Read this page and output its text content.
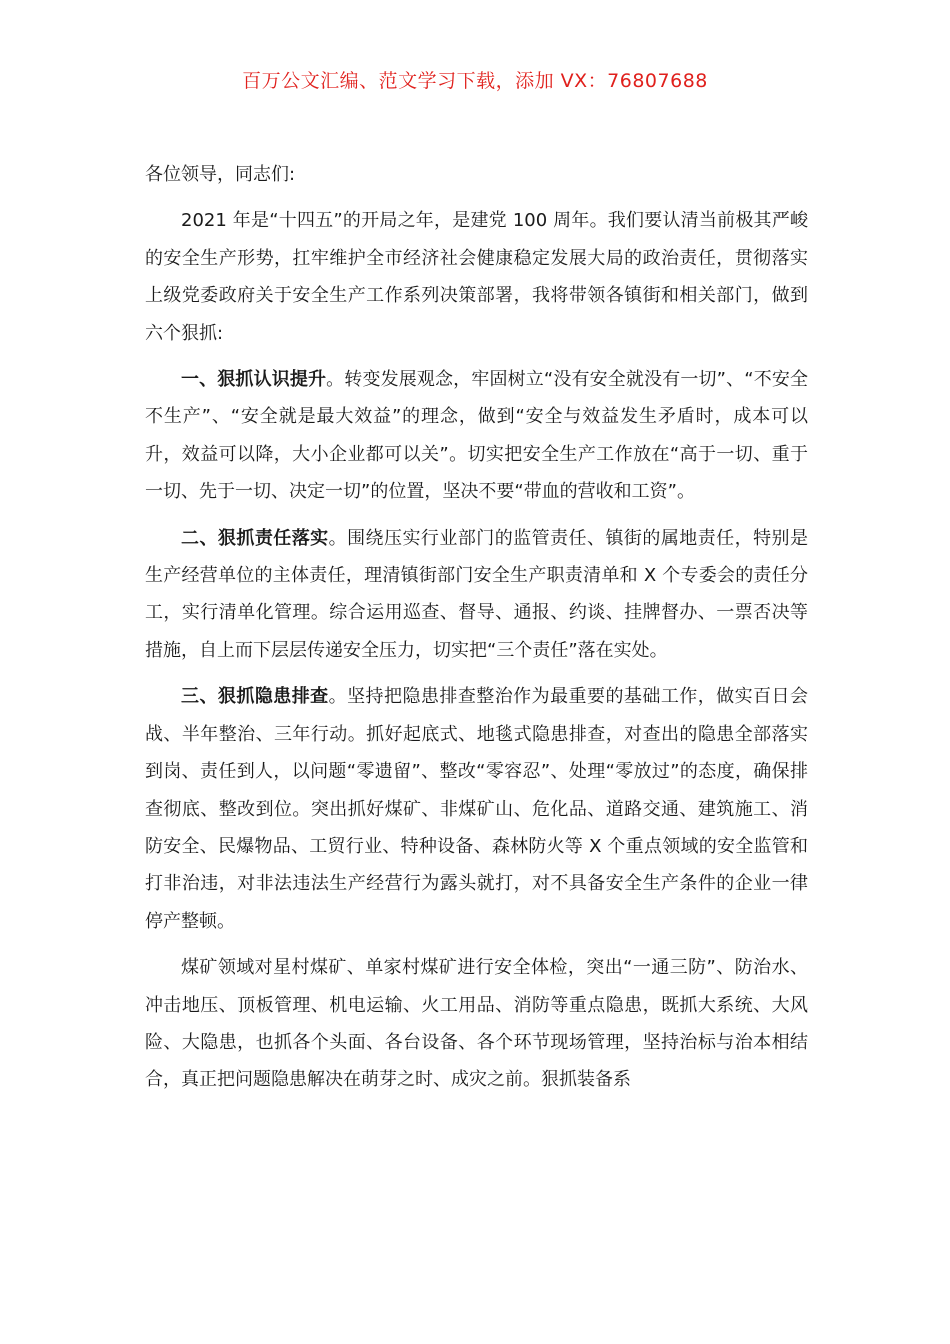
百万公文汇编、范文学习下载，添加 VX：76807688

各位领导，同志们:

2021 年是“十四五”的开局之年，是建党 100 周年。我们要认清当前极其严峻的安全生产形势，扛牢维护全市经济社会健康稳定发展大局的政治责任，贯彻落实上级党委政府关于安全生产工作系列决策部署，我将带领各镇街和相关部门，做到六个狠抓:

一、狠抓认识提升。转变发展观念，牢固树立“没有安全就没有一切”、“不安全不生产”、“安全就是最大效益”的理念，做到“安全与效益发生矛盾时，成本可以升，效益可以降，大小企业都可以关”。切实把安全生产工作放在“高于一切、重于一切、先于一切、决定一切”的位置，坚决不要“带血的营收和工资”。

二、狠抓责任落实。围绕压实行业部门的监管责任、镇街的属地责任，特别是生产经营单位的主体责任，理清镇街部门安全生产职责清单和 X 个专委会的责任分工，实行清单化管理。综合运用巡查、督导、通报、约谈、挂牌督办、一票否决等措施，自上而下层层传递安全压力，切实把“三个责任”落在实处。

三、狠抓隐患排查。坚持把隐患排查整治作为最重要的基础工作，做实百日会战、半年整治、三年行动。抓好起底式、地毯式隐患排查，对查出的隐患全部落实到岗、责任到人，以问题“零遗留”、整改“零容忍”、处理“零放过”的态度，确保排查彻底、整改到位。突出抓好煤矿、非煤矿山、危化品、道路交通、建筑施工、消防安全、民爆物品、工贸行业、特种设备、森林防火等 X 个重点领域的安全监管和打非治违，对非法违法生产经营行为露头就打，对不具备安全生产条件的企业一律停产整顿。

煤矿领域对星村煤矿、单家村煤矿进行安全体检，突出“一通三防”、防治水、冲击地压、顶板管理、机电运输、火工用品、消防等重点隐患，既抓大系统、大风险、大隐患，也抓各个头面、各台设备、各个环节现场管理，坚持治标与治本相结合，真正把问题隐患解决在萌芽之时、成灾之前。狠抓装备系
